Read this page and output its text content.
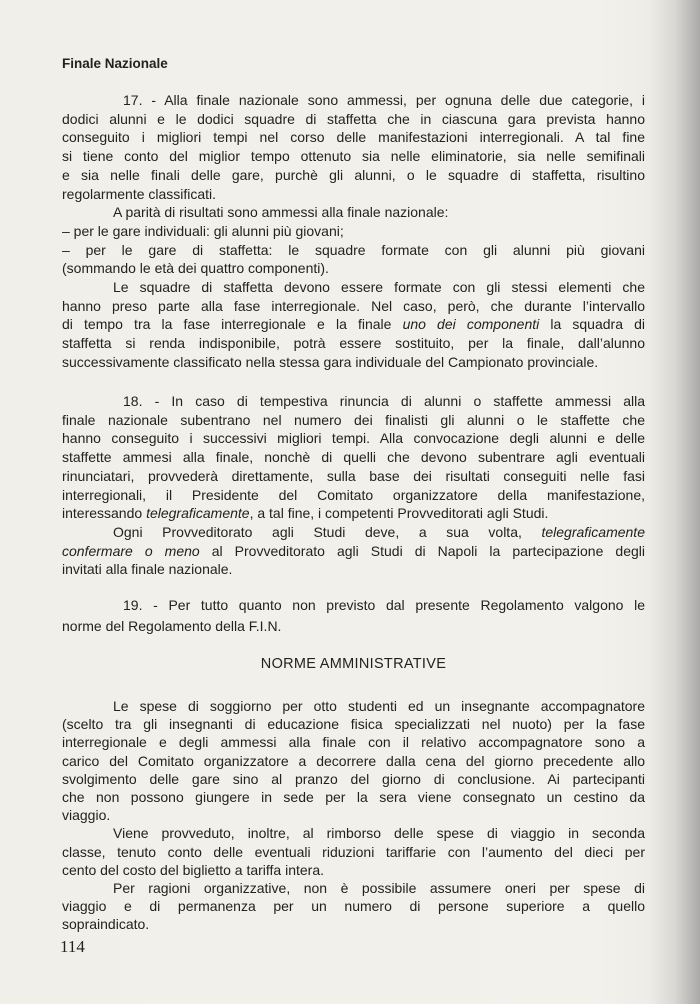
Finale Nazionale
17. - Alla finale nazionale sono ammessi, per ognuna delle due categorie, i
dodici alunni e le dodici squadre di staffetta che in ciascuna gara prevista hanno
conseguito i migliori tempi nel corso delle manifestazioni interregionali. A tal fine
si tiene conto del miglior tempo ottenuto sia nelle eliminatorie, sia nelle semifinali
e sia nelle finali delle gare, purchè gli alunni, o le squadre di staffetta, risultino
regolarmente classificati.
A parità di risultati sono ammessi alla finale nazionale:
– per le gare individuali: gli alunni più giovani;
– per le gare di staffetta: le squadre formate con gli alunni più giovani
(sommando le età dei quattro componenti).
Le squadre di staffetta devono essere formate con gli stessi elementi che
hanno preso parte alla fase interregionale. Nel caso, però, che durante l’intervallo
di tempo tra la fase interregionale e la finale uno dei componenti la squadra di
staffetta si renda indisponibile, potrà essere sostituito, per la finale, dall’alunno
successivamente classificato nella stessa gara individuale del Campionato provinciale.
18. - In caso di tempestiva rinuncia di alunni o staffette ammessi alla
finale nazionale subentrano nel numero dei finalisti gli alunni o le staffette che
hanno conseguito i successivi migliori tempi. Alla convocazione degli alunni e delle
staffette ammesi alla finale, nonchè di quelli che devono subentrare agli eventuali
rinunciatari, provvederà direttamente, sulla base dei risultati conseguiti nelle fasi
interregionali, il Presidente del Comitato organizzatore della manifestazione,
interessando telegraficamente, a tal fine, i competenti Provveditorati agli Studi.
Ogni Provveditorato agli Studi deve, a sua volta, telegraficamente
confermare o meno al Provveditorato agli Studi di Napoli la partecipazione degli
invitati alla finale nazionale.
19. - Per tutto quanto non previsto dal presente Regolamento valgono le
norme del Regolamento della F.I.N.
NORME AMMINISTRATIVE
Le spese di soggiorno per otto studenti ed un insegnante accompagnatore
(scelto tra gli insegnanti di educazione fisica specializzati nel nuoto) per la fase
interregionale e degli ammessi alla finale con il relativo accompagnatore sono a
carico del Comitato organizzatore a decorrere dalla cena del giorno precedente allo
svolgimento delle gare sino al pranzo del giorno di conclusione. Ai partecipanti
che non possono giungere in sede per la sera viene consegnato un cestino da
viaggio.
Viene provveduto, inoltre, al rimborso delle spese di viaggio in seconda
classe, tenuto conto delle eventuali riduzioni tariffarie con l’aumento del dieci per
cento del costo del biglietto a tariffa intera.
Per ragioni organizzative, non è possibile assumere oneri per spese di
viaggio e di permanenza per un numero di persone superiore a quello
sopraindicato.
114
